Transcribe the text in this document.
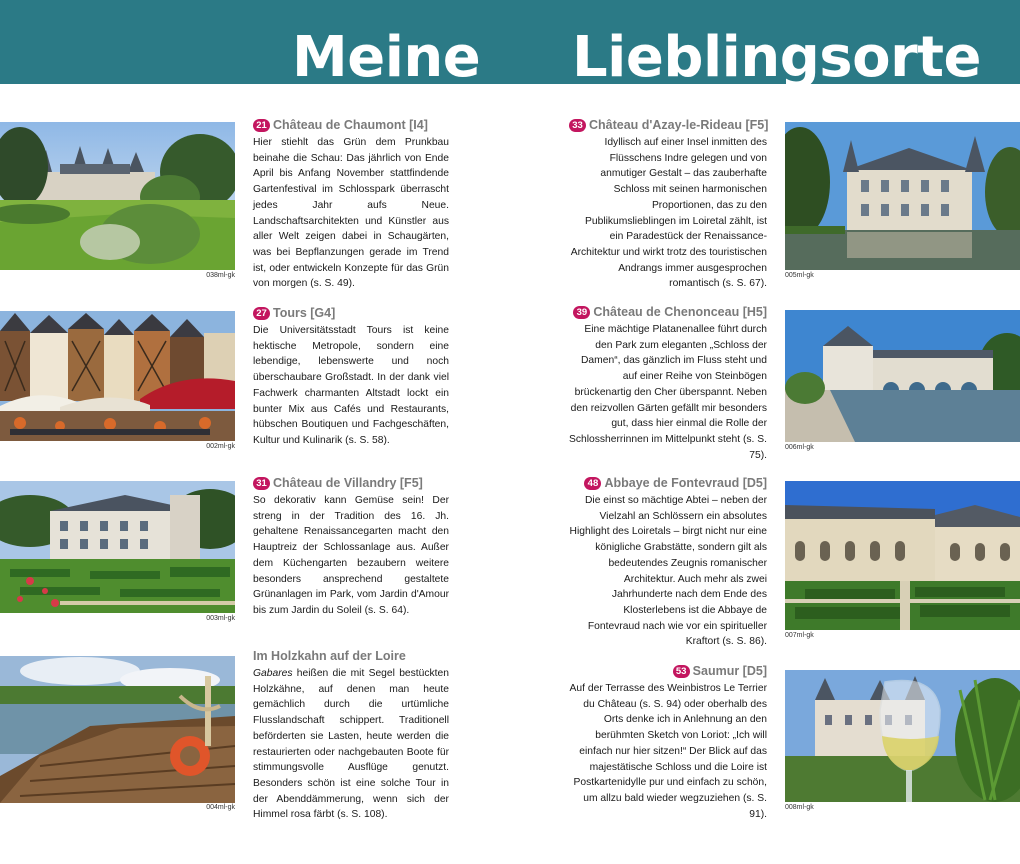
Meine Lieblingsorte
038ml-gk
002ml-gk
003ml-gk
004ml-gk
21 Château de Chaumont [I4]
Hier stiehlt das Grün dem Prunkbau beinahe die Schau: Das jährlich von Ende April bis Anfang November stattfindende Gartenfestival im Schlosspark überrascht jedes Jahr aufs Neue. Landschaftsarchitekten und Künstler aus aller Welt zeigen dabei in Schaugärten, was bei Bepflanzungen gerade im Trend ist, oder entwickeln Konzepte für das Grün von morgen (s. S. 49).
27 Tours [G4]
Die Universitätsstadt Tours ist keine hektische Metropole, sondern eine lebendige, lebenswerte und noch überschaubare Großstadt. In der dank viel Fachwerk charmanten Altstadt lockt ein bunter Mix aus Cafés und Restaurants, hübschen Boutiquen und Fachgeschäften, Kultur und Kulinarik (s. S. 58).
31 Château de Villandry [F5]
So dekorativ kann Gemüse sein! Der streng in der Tradition des 16. Jh. gehaltene Renaissancegarten macht den Hauptreiz der Schlossanlage aus. Außer dem Küchengarten bezaubern weitere besonders ansprechend gestaltete Grünanlagen im Park, vom Jardin d'Amour bis zum Jardin du Soleil (s. S. 64).
Im Holzkahn auf der Loire
Gabares heißen die mit Segel bestückten Holzkähne, auf denen man heute gemächlich durch die urtümliche Flusslandschaft schippert. Traditionell beförderten sie Lasten, heute werden die restaurierten oder nachgebauten Boote für stimmungsvolle Ausflüge genutzt. Besonders schön ist eine solche Tour in der Abenddämmerung, wenn sich der Himmel rosa färbt (s. S. 108).
33 Château d'Azay-le-Rideau [F5]
Idyllisch auf einer Insel inmitten des Flüsschens Indre gelegen und von anmutiger Gestalt – das zauberhafte Schloss mit seinen harmonischen Proportionen, das zu den Publikumslieblingen im Loiretal zählt, ist ein Paradestück der Renaissance-Architektur und wirkt trotz des touristischen Andrangs immer ausgesprochen romantisch (s. S. 67).
39 Château de Chenonceau [H5]
Eine mächtige Platanenallee führt durch den Park zum eleganten „Schloss der Damen“, das gänzlich im Fluss steht und auf einer Reihe von Steinbögen brückenartig den Cher überspannt. Neben den reizvollen Gärten gefällt mir besonders gut, dass hier einmal die Rolle der Schlossherrinnen im Mittelpunkt steht (s. S. 75).
48 Abbaye de Fontevraud [D5]
Die einst so mächtige Abtei – neben der Vielzahl an Schlössern ein absolutes Highlight des Loiretals – birgt nicht nur eine königliche Grabstätte, sondern gilt als bedeutendes Zeugnis romanischer Architektur. Auch mehr als zwei Jahrhunderte nach dem Ende des Klosterlebens ist die Abbaye de Fontevraud nach wie vor ein spiritueller Kraftort (s. S. 86).
53 Saumur [D5]
Auf der Terrasse des Weinbistros Le Terrier du Château (s. S. 94) oder oberhalb des Orts denke ich in Anlehnung an den berühmten Sketch von Loriot: „Ich will einfach nur hier sitzen!“ Der Blick auf das majestätische Schloss und die Loire ist Postkartenidylle pur und einfach zu schön, um allzu bald wieder wegzuziehen (s. S. 91).
005ml-gk
006ml-gk
007ml-gk
008ml-gk
